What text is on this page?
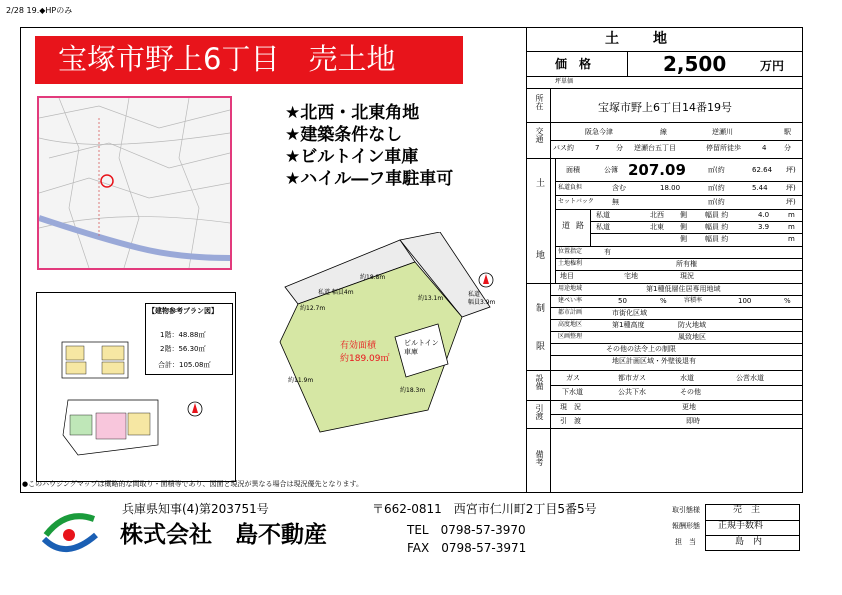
2/28 19.◆HPのみ
宝塚市野上6丁目　売土地
★北西・北東角地
★建築条件なし
★ビルトイン車庫
★ハイル―フ車駐車可
有効面積
約189.09㎡
ビルトイン
車庫
私道
幅員3.9m
私道 幅員4m
約18.8m
約12.7m
約13.1m
約11.9m
約18.3m
【建物参考プラン図】
1階：48.88㎡
2階：56.30㎡
合計：105.08㎡
●このハウジングマップは概略的な間取り・面積等であり、図面と現況が異なる場合は現況優先となります。
土　　地
価　格	2,500	万円
坪単価
所在	宝塚市野上6丁目14番19号
交通	阪急今津	線	逆瀬川	駅
バス約	7 分 逆瀬台五丁目	停留所徒歩	4	分
土
地
面積	公簿 207.09	㎡(約	62.64 坪)
私道負担	含む	18.00	㎡(約	5.44	坪)
セットバック	無	㎡(約	坪)
道路
私道	北西 側	幅員 約	4.0	m
私道	北東 側	幅員 約	3.9	m
側	幅員 約	m
位置指定	有
土地権利	所有権
地目	宅地	現況
制
限
用途地域	第1種低層住居専用地域
建ぺい率	50	%	容積率	100	%
都市計画	市街化区域
高度地区	第1種高度	防火地域
区画整理	風致地区
その他の法令上の制限
地区計画区域・外壁後退有
設備	ガス	都市ガス	水道	公営水道
下水道	公共下水	その他
引渡 現　況	更地
引　渡	即時
備考
兵庫県知事(4)第203751号
株式会社　島不動産
〒662-0811　西宮市仁川町2丁目5番5号
TEL　0798-57-3970
FAX　0798-57-3971
取引態様	売　主
報酬形態 正規手数料
担　当	島　内
